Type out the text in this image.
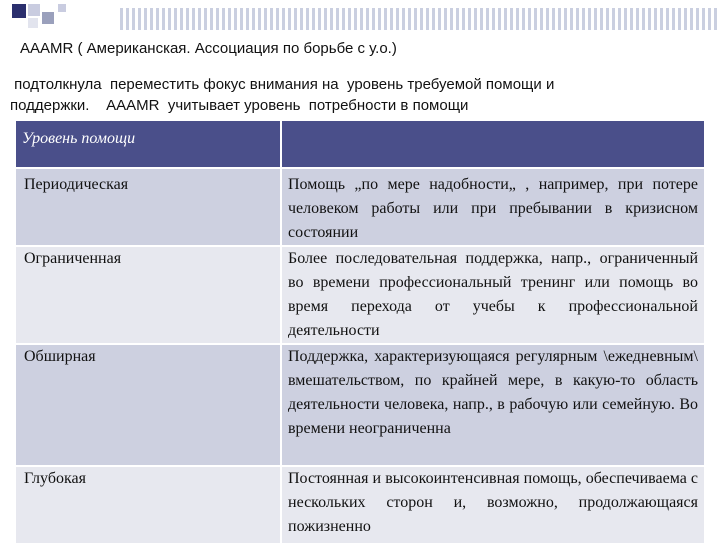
AAAMR ( Американская. Ассоциация по борьбе с у.о.)
подтолкнула  переместить фокус внимания на  уровень требуемой помощи и
поддержки.    AAAMR  учитывает уровень  потребности в помощи
Уровень помощи	
Периодическая	Помощь „по мере надобности„ , например, при потере человеком работы или при пребывании в кризисном состоянии
Ограниченная	Более последовательная поддержка, напр., ограниченный во времени профессиональный тренинг или помощь во время перехода от учебы к профессиональной деятельности
Обширная	Поддержка, характеризующаяся регулярным \ежедневным\ вмешательством, по крайней мере, в какую-то область деятельности человека, напр., в рабочую или семейную. Во времени неограниченна
Глубокая	Постоянная и высокоинтенсивная помощь, обеспечиваема с нескольких сторон и, возможно, продолжающаяся пожизненно
